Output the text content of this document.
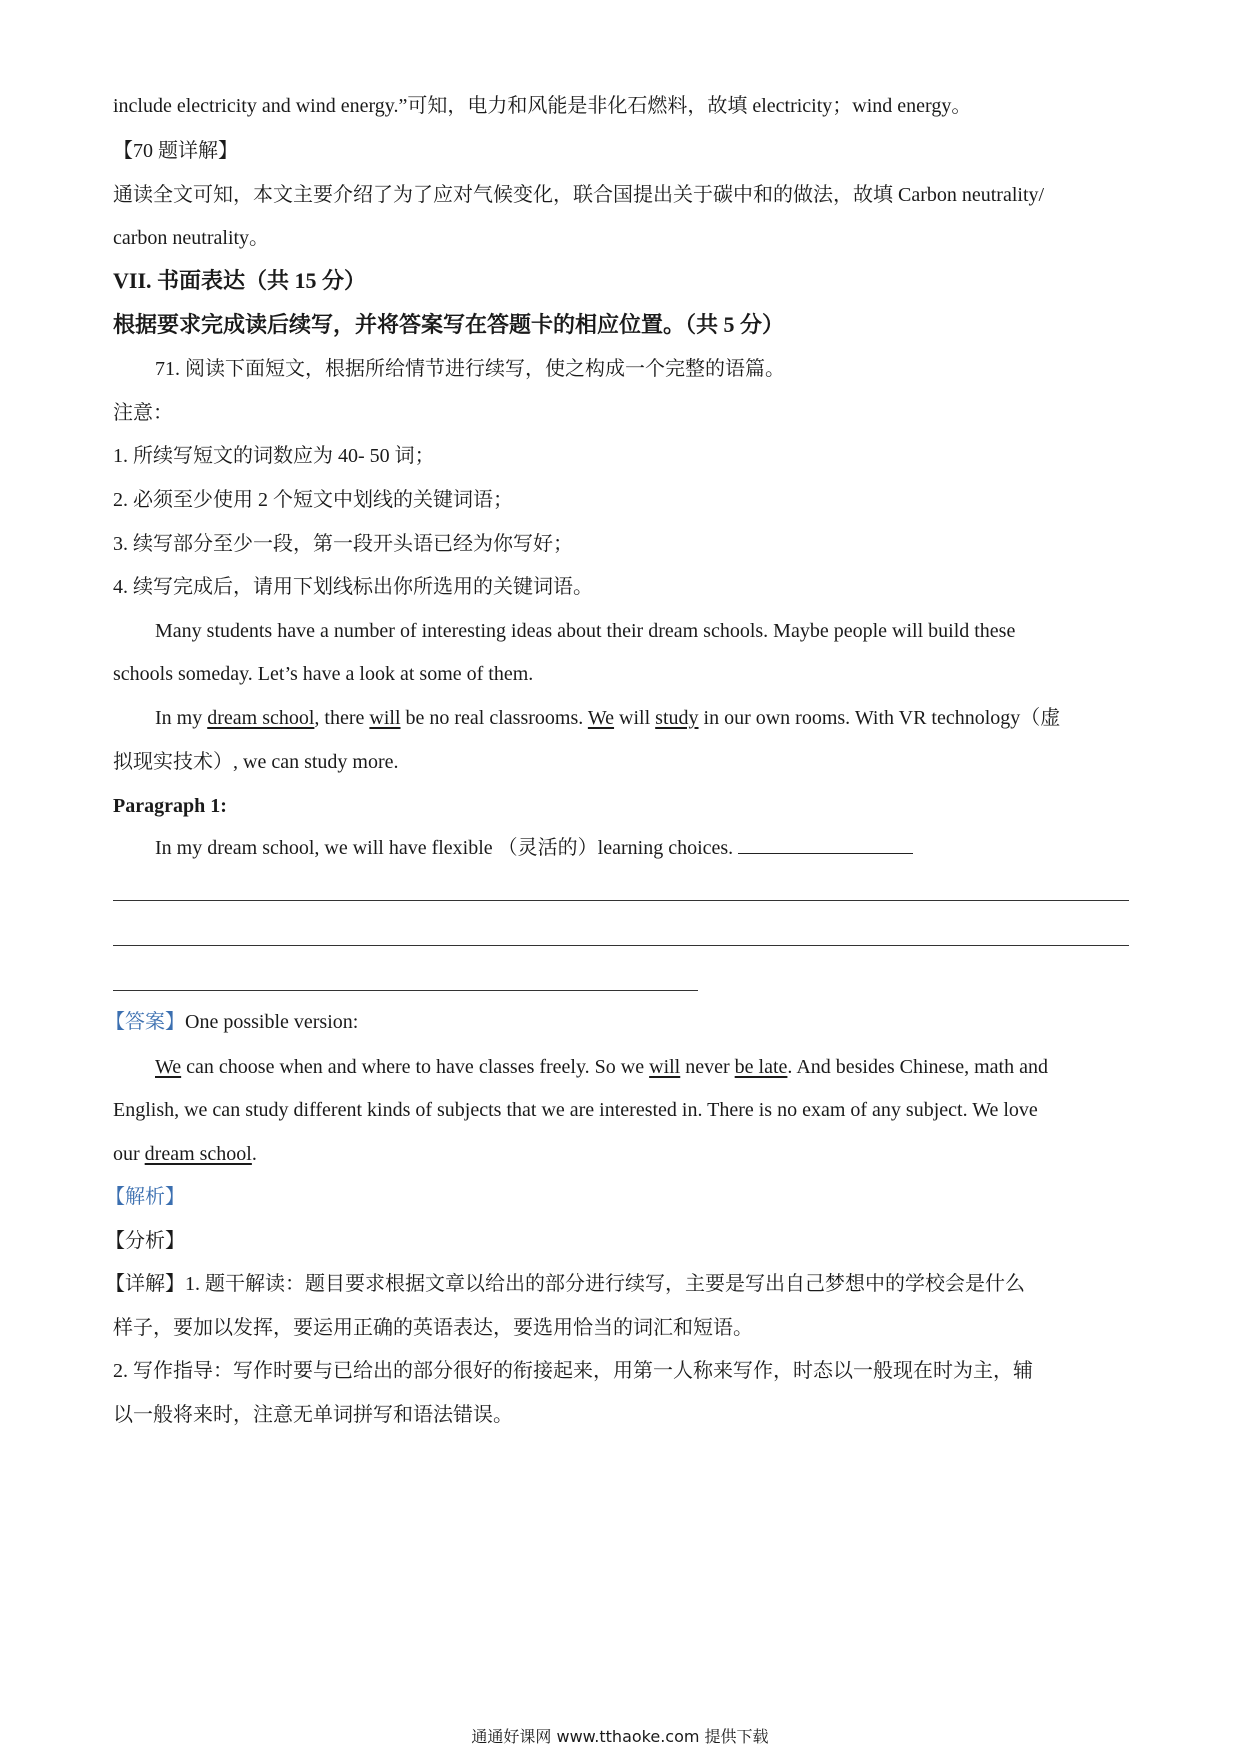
include electricity and wind energy.”可知，电力和风能是非化石燃料，故填 electricity；wind energy。
【70 题详解】
通读全文可知，本文主要介绍了为了应对气候变化，联合国提出关于碳中和的做法，故填 Carbon neutrality/
carbon neutrality。
VII. 书面表达（共 15 分）
根据要求完成读后续写，并将答案写在答题卡的相应位置。（共 5 分）
71. 阅读下面短文，根据所给情节进行续写，使之构成一个完整的语篇。
注意：
1. 所续写短文的词数应为 40- 50 词；
2. 必须至少使用 2 个短文中划线的关键词语；
3. 续写部分至少一段，第一段开头语已经为你写好；
4. 续写完成后，请用下划线标出你所选用的关键词语。
Many students have a number of interesting ideas about their dream schools. Maybe people will build these
schools someday. Let’s have a look at some of them.
In my dream school, there will be no real classrooms. We will study in our own rooms. With VR technology（虚
拟现实技术）, we can study more.
Paragraph 1:
In my dream school, we will have flexible （灵活的）learning choices.
【答案】One possible version:
We can choose when and where to have classes freely. So we will never be late. And besides Chinese, math and
English, we can study different kinds of subjects that we are interested in. There is no exam of any subject. We love
our dream school.
【解析】
【分析】
【详解】1. 题干解读：题目要求根据文章以给出的部分进行续写，主要是写出自己梦想中的学校会是什么
样子，要加以发挥，要运用正确的英语表达，要选用恰当的词汇和短语。
2. 写作指导：写作时要与已给出的部分很好的衔接起来，用第一人称来写作，时态以一般现在时为主，辅
以一般将来时，注意无单词拼写和语法错误。
通通好课网 www.tthaoke.com 提供下载
